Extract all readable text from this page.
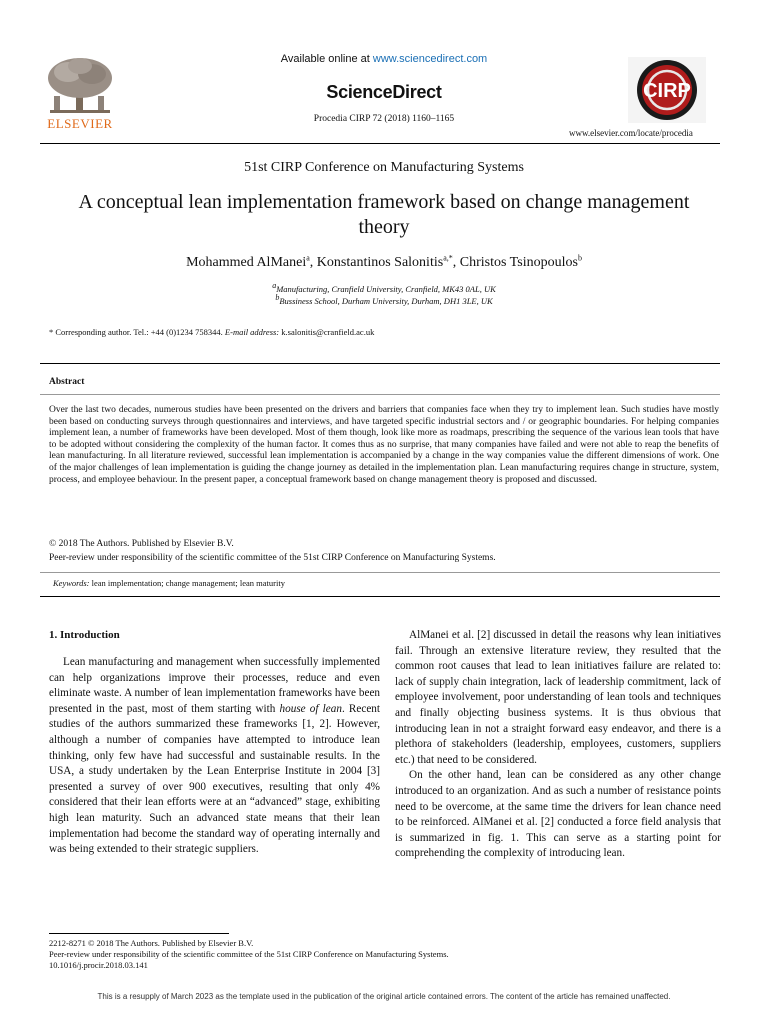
ELSEVIER
Available online at www.sciencedirect.com
ScienceDirect
Procedia CIRP 72 (2018) 1160–1165
CIRP
www.elsevier.com/locate/procedia
51st CIRP Conference on Manufacturing Systems
A conceptual lean implementation framework based on change management theory
Mohammed AlManei$^a$, Konstantinos Salonitis$^{a,*}$, Christos Tsinopoulos$^b$
$^a$Manufacturing, Cranfield University, Cranfield, MK43 0AL, UK
$^b$Bussiness School, Durham University, Durham, DH1 3LE, UK
* Corresponding author. Tel.: +44 (0)1234 758344. E-mail address: k.salonitis@cranfield.ac.uk
Abstract
Over the last two decades, numerous studies have been presented on the drivers and barriers that companies face when they try to implement lean. Such studies have mostly been based on conducting surveys through questionnaires and interviews, and have targeted specific industrial sectors and / or geographic boundaries. For helping companies implement lean, a number of frameworks have been developed. Most of them though, look like more as roadmaps, prescribing the sequence of the various lean tools that have to be adopted without considering the complexity of the human factor. It comes thus as no surprise, that many companies have failed and were not able to reap the benefits of lean manufacturing. In all literature reviewed, successful lean implementation is accompanied by a change in the way companies value the different dimensions of work. One of the major challenges of lean implementation is guiding the change journey as detailed in the implementation plan. Lean manufacturing requires change in structure, system, process, and employee behaviour. In the present paper, a conceptual framework based on change management theory is proposed and discussed.
© 2018 The Authors. Published by Elsevier B.V.
Peer-review under responsibility of the scientific committee of the 51st CIRP Conference on Manufacturing Systems.
Keywords: lean implementation; change management; lean maturity
1. Introduction

Lean manufacturing and management when successfully implemented can help organizations improve their processes, reduce and even eliminate waste. A number of lean implementation frameworks have been presented in the past, most of them starting with house of lean. Recent studies of the authors summarized these frameworks [1, 2]. However, although a number of companies have attempted to introduce lean thinking, only few have had successful and sustainable results. In the USA, a study undertaken by the Lean Enterprise Institute in 2004 [3] presented a survey of over 900 executives, resulting that only 4% considered that their lean efforts were at an “advanced” stage, exhibiting high lean maturity. Such an advanced state means that their lean implementation had become the standard way of operating internally and was being extended to their strategic suppliers.

AlManei et al. [2] discussed in detail the reasons why lean initiatives fail. Through an extensive literature review, they resulted that the common root causes that lead to lean initiatives failure are related to: lack of supply chain integration, lack of leadership commitment, lack of employee involvement, poor understanding of lean tools and techniques and finally objecting business systems. It is thus obvious that introducing lean in not a straight forward easy endeavor, and there is a plethora of stakeholders (leadership, employees, customers, suppliers etc.) that need to be considered.

On the other hand, lean can be considered as any other change introduced to an organization. And as such a number of resistance points need to be overcome, at the same time the drivers for lean chance need to be reinforced. AlManei et al. [2] conducted a force field analysis that is summarized in fig. 1. This can serve as a starting point for comprehending the complexity of introducing lean.

2212-8271 © 2018 The Authors. Published by Elsevier B.V.
Peer-review under responsibility of the scientific committee of the 51st CIRP Conference on Manufacturing Systems.
10.1016/j.procir.2018.03.141
This is a resupply of March 2023 as the template used in the publication of the original article contained errors. The content of the article has remained unaffected.
